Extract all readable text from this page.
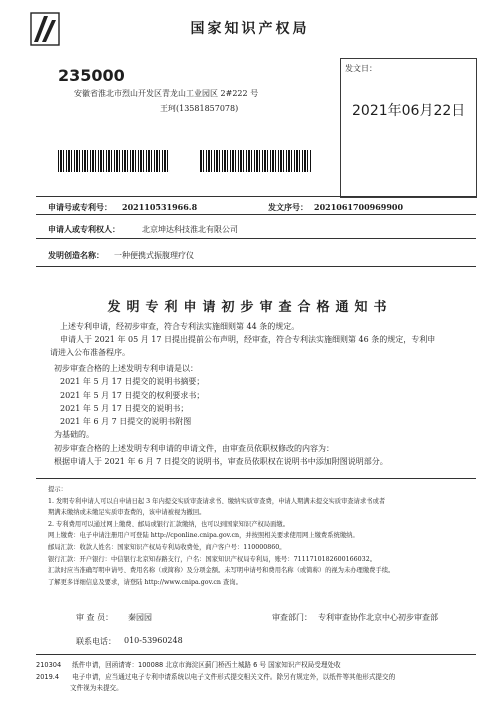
国家知识产权局
235000
安徽省淮北市烈山开发区青龙山工业园区 2#222 号
王珂(13581857078)
发文日：
2021年06月22日
申请号或专利号： 202110531966.8	发文序号： 2021061700969900
申请人或专利权人：	北京坤达科技淮北有限公司
发明创造名称： 一种便携式振腹理疗仪
发明专利申请初步审查合格通知书
上述专利申请，经初步审查，符合专利法实施细则第 44 条的规定。
申请人于 2021 年 05 月 17 日提出提前公布声明，经审查，符合专利法实施细则第 46 条的规定，专利申
请进入公布准备程序。
初步审查合格的上述发明专利申请是以：
2021 年 5 月 17 日提交的说明书摘要；
2021 年 5 月 17 日提交的权利要求书；
2021 年 5 月 17 日提交的说明书；
2021 年 6 月 7 日提交的说明书附图
为基础的。
初步审查合格的上述发明专利申请的申请文件，由审查员依职权修改的内容为：
根据申请人于 2021 年 6 月 7 日提交的说明书，审查员依职权在说明书中添加附图说明部分。
提示：
1. 发明专利申请人可以自申请日起 3 年内提交实质审查请求书、缴纳实质审查费，申请人期满未提交实质审查请求书或者
期满未缴纳或未缴足实质审查费的，该申请被视为撤回。
2. 专利费用可以通过网上缴费、邮局或银行汇款缴纳，也可以到国家知识产权局面缴。
网上缴费：电子申请注册用户可登陆 http://cponline.cnipa.gov.cn，并按照相关要求使用网上缴费系统缴纳。
邮局汇款：收款人姓名：国家知识产权局专利局收费处，商户客户号：110000860。
银行汇款：开户银行：中信银行北京知春路支行，户名：国家知识产权局专利局，账号：7111710182600166032。
汇款时应当准确写明申请号、费用名称（或简称）及分项金额。未写明申请号和费用名称（或简称）的视为未办理缴费手续。
了解更多详细信息及要求，请登陆 http://www.cnipa.gov.cn 查询。
审 查 员： 秦园园	审查部门： 专利审查协作北京中心初步审查部
联系电话： 010-53960248
210304 纸件申请，回函请寄：100088 北京市海淀区蓟门桥西土城路 6 号 国家知识产权局受理处收
2019.4 电子申请，应当通过电子专利申请系统以电子文件形式提交相关文件。除另有规定外，以纸件等其他形式提交的
文件视为未提交。
